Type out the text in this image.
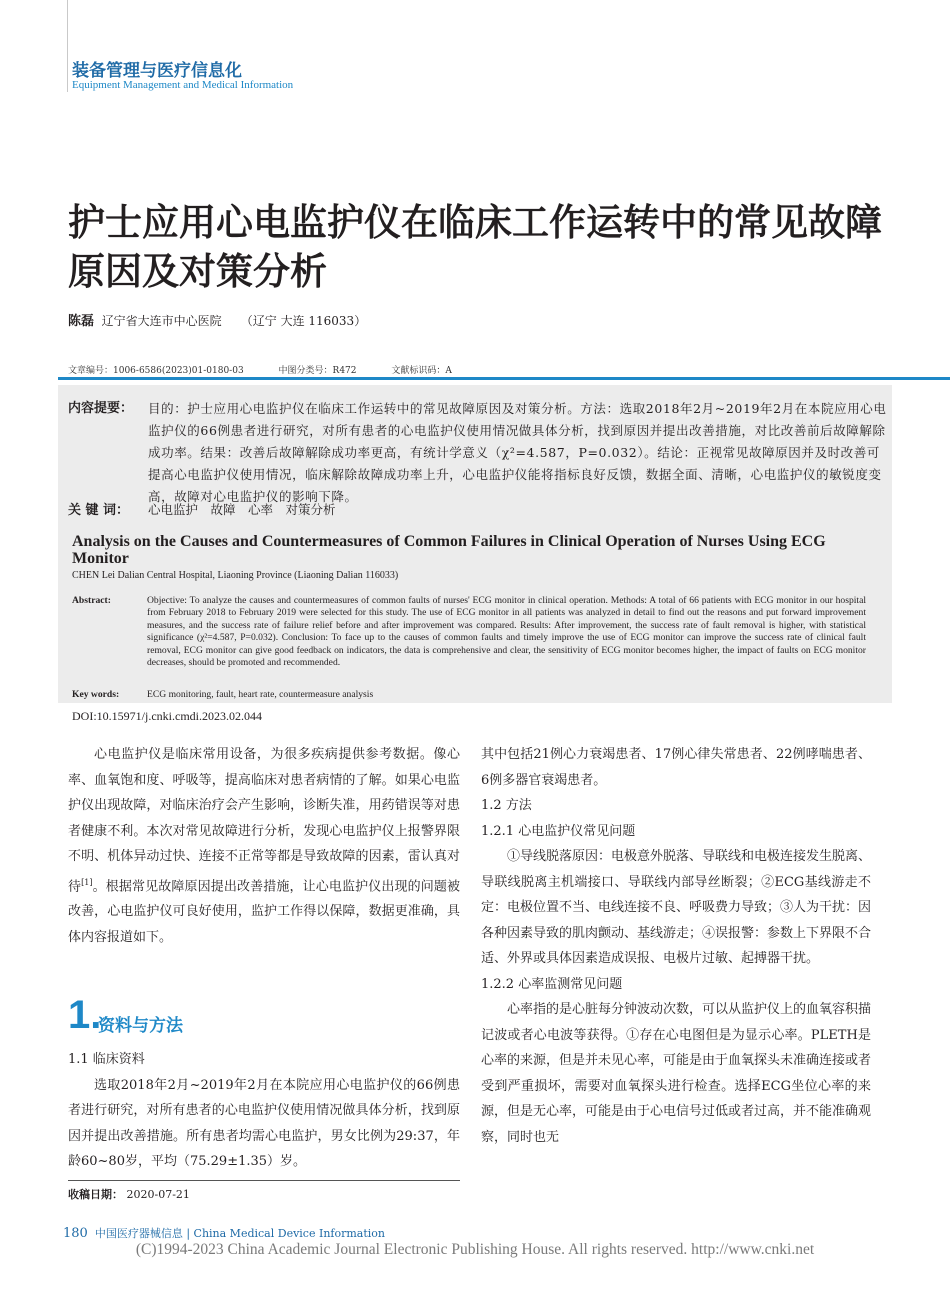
装备管理与医疗信息化
Equipment Management and Medical Information
护士应用心电监护仪在临床工作运转中的常见故障原因及对策分析
陈磊 辽宁省大连市中心医院 （辽宁 大连 116033）
文章编号：1006-6586(2023)01-0180-03	中图分类号：R472	文献标识码：A
内容提要： 目的：护士应用心电监护仪在临床工作运转中的常见故障原因及对策分析。方法：选取2018年2月~2019年2月在本院应用心电监护仪的66例患者进行研究，对所有患者的心电监护仪使用情况做具体分析，找到原因并提出改善措施，对比改善前后故障解除成功率。结果：改善后故障解除成功率更高，有统计学意义（χ²=4.587，P=0.032）。结论：正视常见故障原因并及时改善可提高心电监护仪使用情况，临床解除故障成功率上升，心电监护仪能将指标良好反馈，数据全面、清晰，心电监护仪的敏锐度变高，故障对心电监护仪的影响下降。
关 键 词： 心电监护　故障　心率　对策分析
Analysis on the Causes and Countermeasures of Common Failures in Clinical Operation of Nurses Using ECG Monitor
CHEN Lei Dalian Central Hospital, Liaoning Province (Liaoning Dalian 116033)
Abstract:	Objective: To analyze the causes and countermeasures of common faults of nurses' ECG monitor in clinical operation. Methods: A total of 66 patients with ECG monitor in our hospital from February 2018 to February 2019 were selected for this study. The use of ECG monitor in all patients was analyzed in detail to find out the reasons and put forward improvement measures, and the success rate of failure relief before and after improvement was compared. Results: After improvement, the success rate of fault removal is higher, with statistical significance (χ²=4.587, P=0.032). Conclusion: To face up to the causes of common faults and timely improve the use of ECG monitor can improve the success rate of clinical fault removal, ECG monitor can give good feedback on indicators, the data is comprehensive and clear, the sensitivity of ECG monitor becomes higher, the impact of faults on ECG monitor decreases, should be promoted and recommended.
Key words:	ECG monitoring, fault, heart rate, countermeasure analysis
DOI:10.15971/j.cnki.cmdi.2023.02.044

心电监护仪是临床常用设备，为很多疾病提供参考数据。像心率、血氧饱和度、呼吸等，提高临床对患者病情的了解。如果心电监护仪出现故障，对临床治疗会产生影响，诊断失准，用药错误等对患者健康不利。本次对常见故障进行分析，发现心电监护仪上报警界限不明、机体异动过快、连接不正常等都是导致故障的因素，雷认真对待[1]。根据常见故障原因提出改善措施，让心电监护仪出现的问题被改善，心电监护仪可良好使用，监护工作得以保障，数据更准确，具体内容报道如下。

1.
资料与方法

1.1 临床资料

选取2018年2月~2019年2月在本院应用心电监护仪的66例患者进行研究，对所有患者的心电监护仪使用情况做具体分析，找到原因并提出改善措施。所有患者均需心电监护，男女比例为29:37，年龄60~80岁，平均（75.29±1.35）岁。

收稿日期： 2020-07-21

其中包括21例心力衰竭患者、17例心律失常患者、22例哮喘患者、6例多器官衰竭患者。

1.2 方法

1.2.1 心电监护仪常见问题

①导线脱落原因：电极意外脱落、导联线和电极连接发生脱离、导联线脱离主机端接口、导联线内部导丝断裂；②ECG基线游走不定：电极位置不当、电线连接不良、呼吸费力导致；③人为干扰：因各种因素导致的肌肉颤动、基线游走；④误报警：参数上下界限不合适、外界或具体因素造成误报、电极片过敏、起搏器干扰。

1.2.2 心率监测常见问题

心率指的是心脏每分钟波动次数，可以从监护仪上的血氧容积描记波或者心电波等获得。①存在心电图但是为显示心率。PLETH是心率的来源，但是并未见心率，可能是由于血氧探头未准确连接或者受到严重损坏，需要对血氧探头进行检查。选择ECG坐位心率的来源，但是无心率，可能是由于心电信号过低或者过高，并不能准确观察，同时也无

180 中国医疗器械信息 | China Medical Device Information
(C)1994-2023 China Academic Journal Electronic Publishing House. All rights reserved. http://www.cnki.net
